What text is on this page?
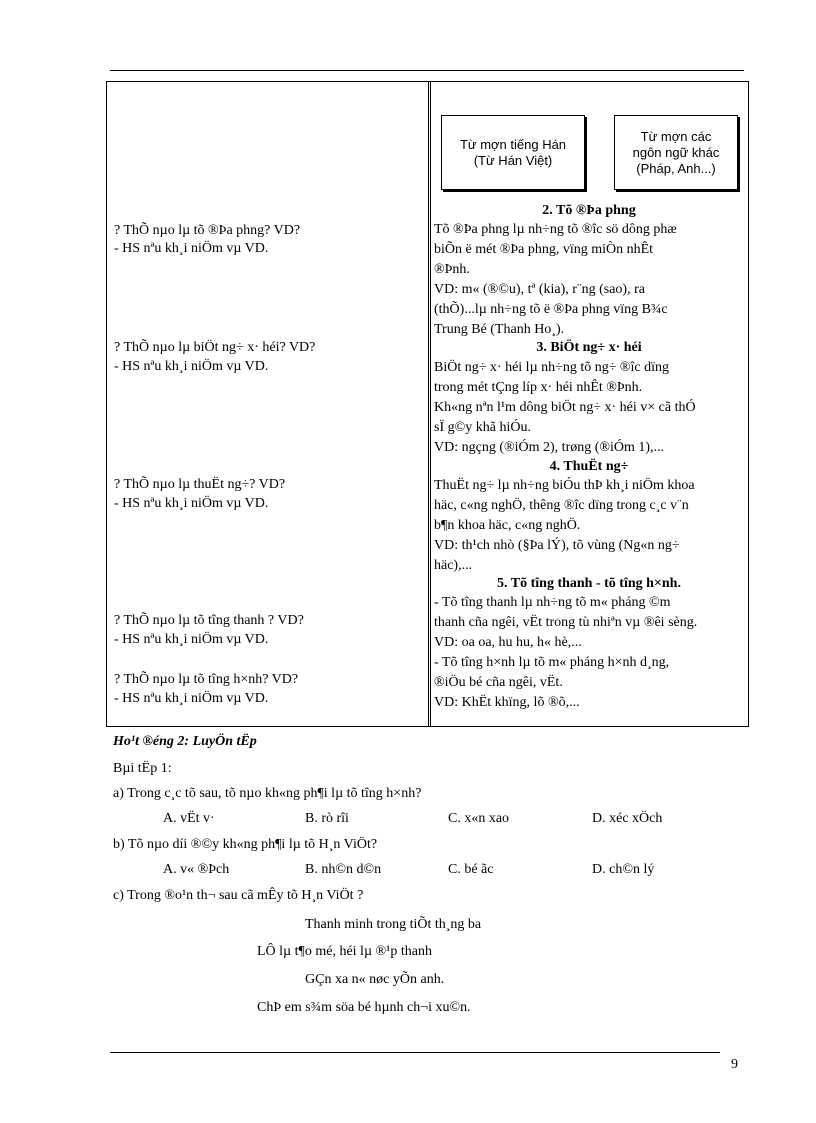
Từ mợn tiếng Hán
(Từ Hán Việt)
Từ mợn các
ngôn ngữ khác
(Pháp, Anh...)
? ThÕ nµo lµ tõ ®Þa phng? VD?
- HS nªu kh¸i niÖm vµ VD.
? ThÕ nµo lµ biÖt ng÷ x· héi? VD?
- HS nªu kh¸i niÖm vµ VD.
? ThÕ nµo lµ thuËt ng÷? VD?
- HS nªu kh¸i niÖm vµ VD.
? ThÕ nµo lµ tõ tîng thanh ? VD?
- HS nªu kh¸i niÖm vµ VD.
? ThÕ nµo lµ tõ tîng h×nh? VD?
- HS nªu kh¸i niÖm vµ VD.
2. Tõ ®Þa phng
Tõ ®Þa phng lµ nh÷ng tõ ®îc sö dông phæ
biÕn ë mét ®Þa phng, vïng miÒn nhÊt
®Þnh.
VD: m« (®©u), tª (kia), r¨ng (sao), ra
(thÕ)...lµ nh÷ng tõ ë ®Þa phng vïng B¾c
Trung Bé (Thanh Ho¸).
3. BiÖt ng÷ x· héi
BiÖt ng÷ x· héi lµ nh÷ng tõ ng÷ ®îc dïng
trong mét tÇng líp x· héi nhÊt ®Þnh.
Kh«ng nªn l¹m dông biÖt ng÷ x· héi v× cã thÓ
sÏ g©y khã hiÓu.
VD: ngçng (®iÓm 2), trøng (®iÓm 1),...
4. ThuËt ng÷
ThuËt ng÷ lµ nh÷ng biÓu thÞ kh¸i niÖm khoa
häc, c«ng nghÖ, thêng ®îc dïng trong c¸c v¨n
b¶n khoa häc, c«ng nghÖ.
VD: th¹ch nhò (§Þa lÝ), tõ vùng (Ng«n ng÷
häc),...
5. Tõ tîng thanh - tõ tîng h×nh.
- Tõ tîng thanh lµ nh÷ng tõ m« pháng ©m
thanh cña ngêi, vËt trong tù nhiªn vµ ®êi sèng.
VD: oa oa, hu hu, h« hè,...
- Tõ tîng h×nh lµ tõ m« pháng h×nh d¸ng,
®iÖu bé cña ngêi, vËt.
VD: KhËt khïng, lõ ®õ,...
Ho¹t ®éng 2: LuyÖn tËp
Bµi tËp 1:
a) Trong c¸c tõ sau, tõ nµo kh«ng ph¶i lµ tõ tîng h×nh?
A. vËt v·	B. rò rîi	C. x«n xao	D. xéc xÖch
b) Tõ nµo díi ®©y kh«ng ph¶i lµ tõ H¸n ViÖt?
A. v« ®Þch	B. nh©n d©n	C. bé ãc	D. ch©n lý
c) Trong ®o¹n th¬ sau cã mÊy tõ H¸n ViÖt ?
Thanh minh trong tiÕt th¸ng ba
LÔ lµ t¶o mé, héi lµ ®¹p thanh
GÇn xa n« nøc yÕn anh.
ChÞ em s¾m söa bé hµnh ch¬i xu©n.
9
